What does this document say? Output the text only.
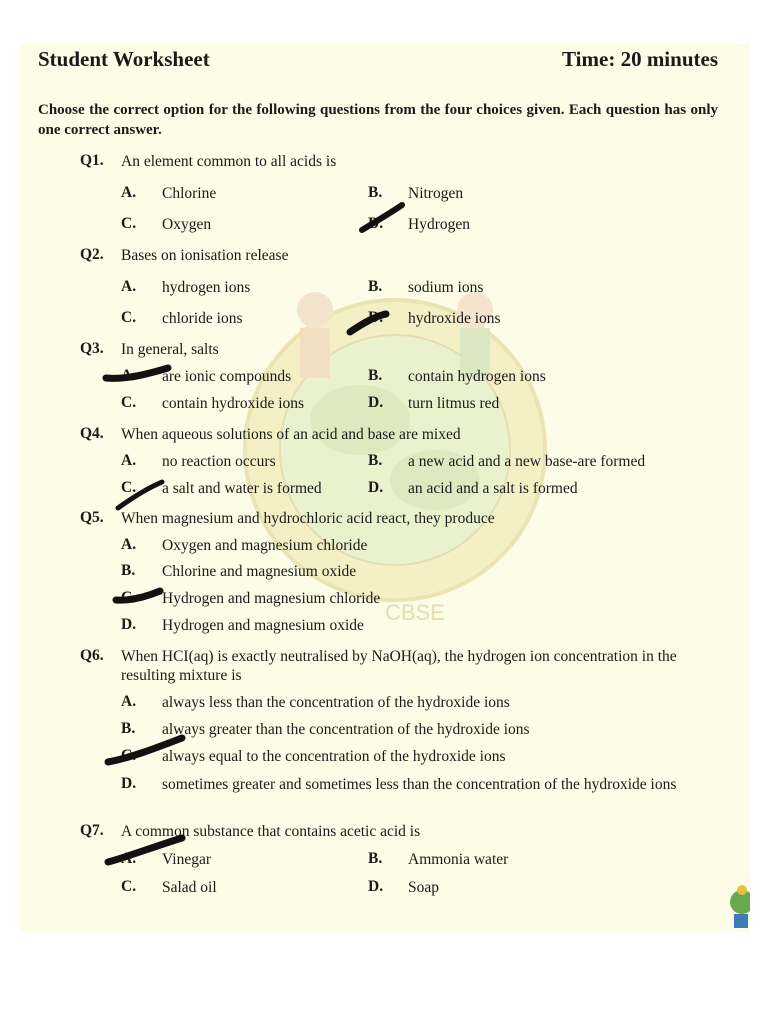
CBSE
Student Worksheet	Time: 20 minutes
Choose the correct option for the following questions from the four choices given. Each question has only one correct answer.
Q1. An element common to all acids is
A. Chlorine	B. Nitrogen
C. Oxygen	D. Hydrogen
Q2. Bases on ionisation release
A. hydrogen ions	B. sodium ions
C. chloride ions	D. hydroxide ions
Q3. In general, salts
A. are ionic compounds	B. contain hydrogen ions
C. contain hydroxide ions	D. turn litmus red
Q4. When aqueous solutions of an acid and base are mixed
A. no reaction occurs	B. a new acid and a new base-are formed
C. a salt and water is formed	D. an acid and a salt is formed
Q5. When magnesium and hydrochloric acid react, they produce
A. Oxygen and magnesium chloride
B. Chlorine and magnesium oxide
C. Hydrogen and magnesium chloride
D. Hydrogen and magnesium oxide
Q6. When HCI(aq) is exactly neutralised by NaOH(aq), the hydrogen ion concentration in the resulting mixture is
A. always less than the concentration of the hydroxide ions
B. always greater than the concentration of the hydroxide ions
C. always equal to the concentration of the hydroxide ions
D. sometimes greater and sometimes less than the concentration of the hydroxide ions
Q7. A common substance that contains acetic acid is
A. Vinegar	B. Ammonia water
C. Salad oil	D. Soap
